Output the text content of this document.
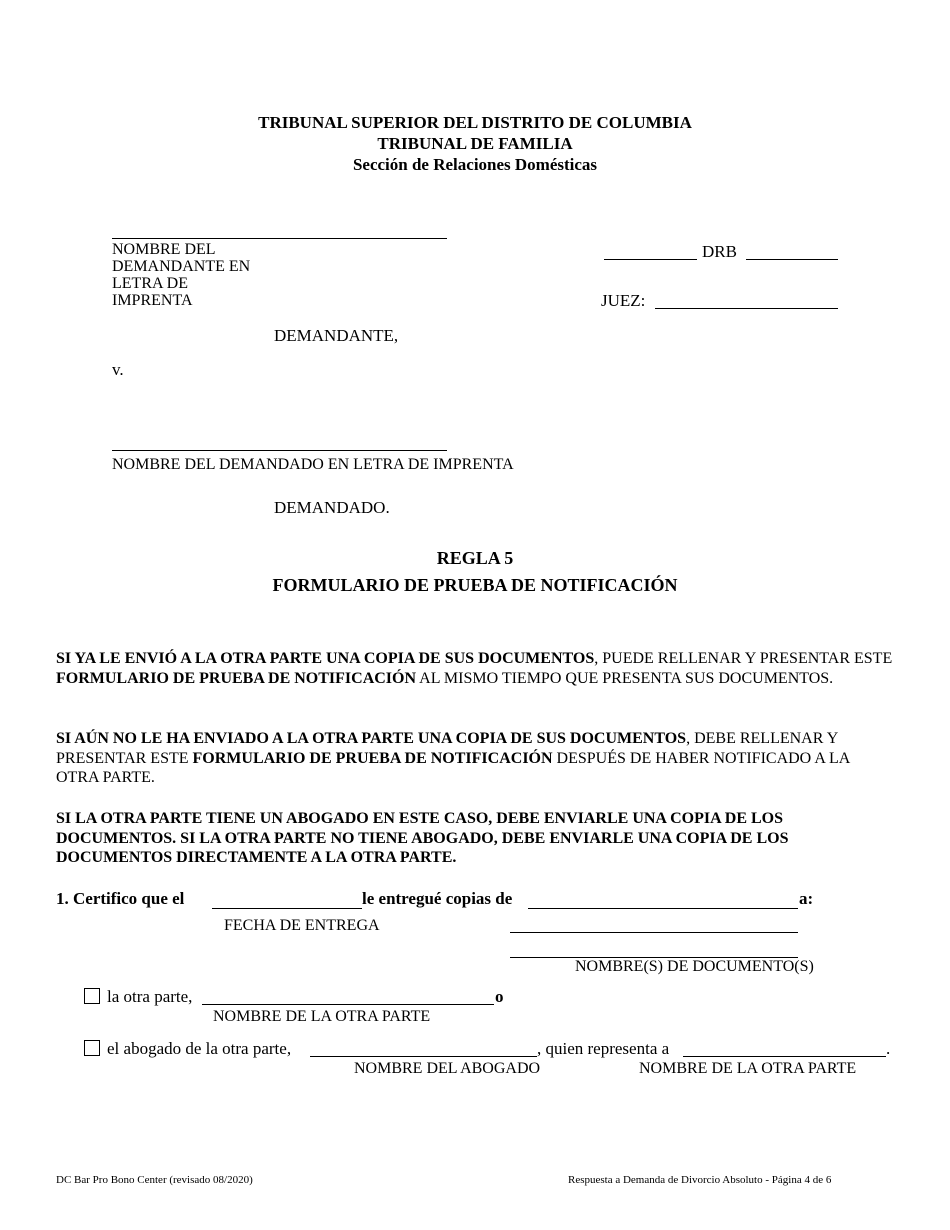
TRIBUNAL SUPERIOR DEL DISTRITO DE COLUMBIA
TRIBUNAL DE FAMILIA
Sección de Relaciones Domésticas
NOMBRE DEL
DEMANDANTE EN
LETRA DE
IMPRENTA
DEMANDANTE,
v.
DRB
JUEZ:
NOMBRE DEL DEMANDADO EN LETRA DE IMPRENTA
DEMANDADO.
REGLA 5
FORMULARIO DE PRUEBA DE NOTIFICACIÓN
SI YA LE ENVIÓ A LA OTRA PARTE UNA COPIA DE SUS DOCUMENTOS, PUEDE RELLENAR Y PRESENTAR ESTE FORMULARIO DE PRUEBA DE NOTIFICACIÓN AL MISMO TIEMPO QUE PRESENTA SUS DOCUMENTOS.
SI AÚN NO LE HA ENVIADO A LA OTRA PARTE UNA COPIA DE SUS DOCUMENTOS, DEBE RELLENAR Y PRESENTAR ESTE FORMULARIO DE PRUEBA DE NOTIFICACIÓN DESPUÉS DE HABER NOTIFICADO A LA OTRA PARTE.
SI LA OTRA PARTE TIENE UN ABOGADO EN ESTE CASO, DEBE ENVIARLE UNA COPIA DE LOS DOCUMENTOS. SI LA OTRA PARTE NO TIENE ABOGADO, DEBE ENVIARLE UNA COPIA DE LOS DOCUMENTOS DIRECTAMENTE A LA OTRA PARTE.
1. Certifico que el	le entregué copias de	a:
FECHA DE ENTREGA
NOMBRE(S) DE DOCUMENTO(S)
la otra parte,	o
NOMBRE DE LA OTRA PARTE
el abogado de la otra parte,	, quien representa a	.
NOMBRE DEL ABOGADO	NOMBRE DE LA OTRA PARTE
DC Bar Pro Bono Center (revisado 08/2020)	Respuesta a Demanda de Divorcio Absoluto - Página 4 de 6
